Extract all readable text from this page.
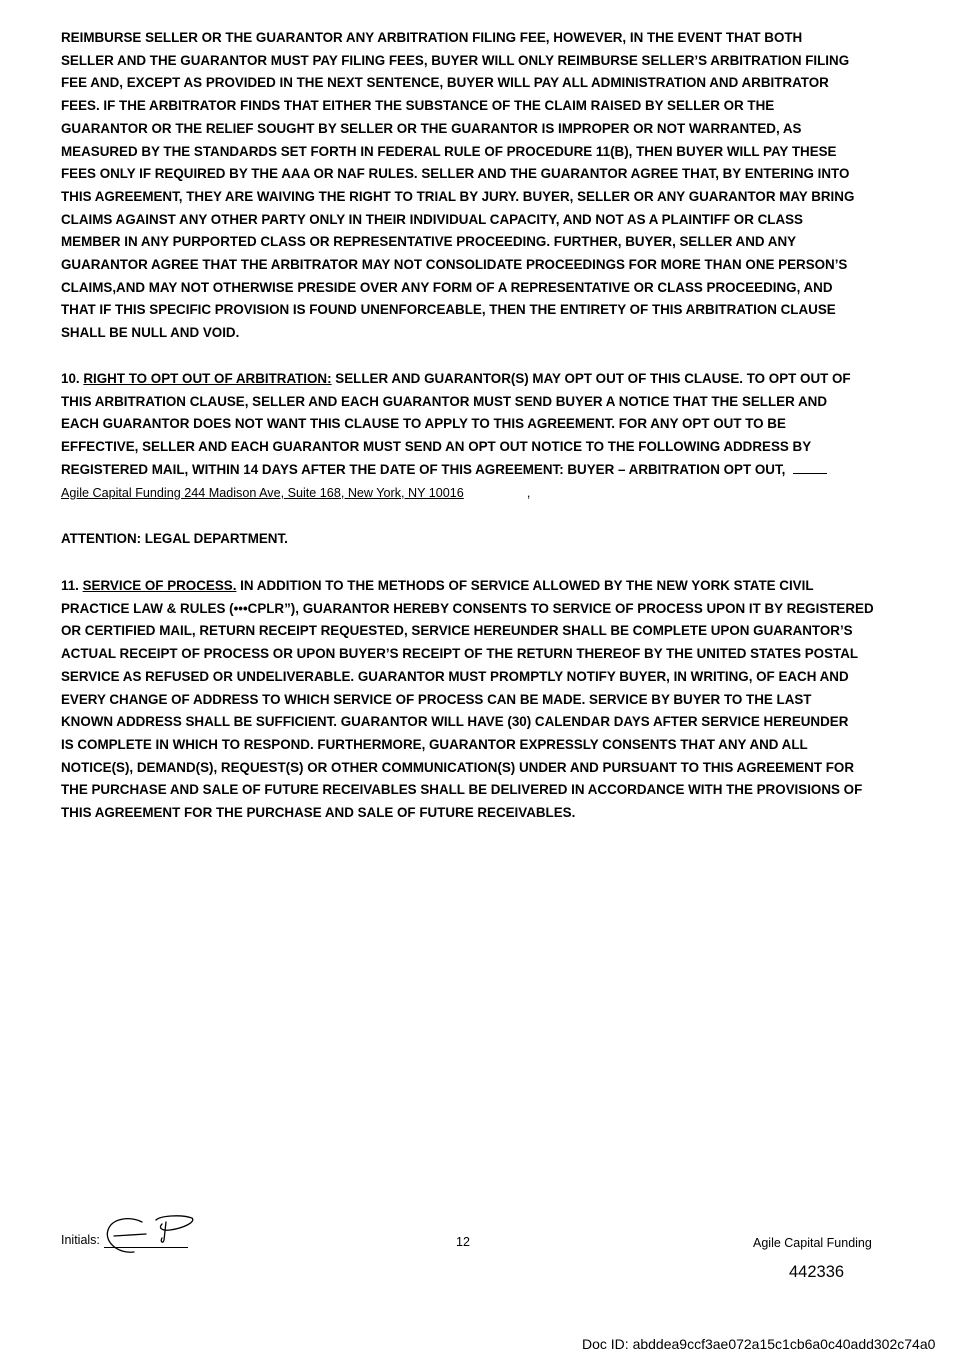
REIMBURSE SELLER OR THE GUARANTOR ANY ARBITRATION FILING FEE, HOWEVER, IN THE EVENT THAT BOTH
SELLER AND THE GUARANTOR MUST PAY FILING FEES, BUYER WILL ONLY REIMBURSE SELLER’S ARBITRATION FILING
FEE AND, EXCEPT AS PROVIDED IN THE NEXT SENTENCE, BUYER WILL PAY ALL ADMINISTRATION AND ARBITRATOR
FEES. IF THE ARBITRATOR FINDS THAT EITHER THE SUBSTANCE OF THE CLAIM RAISED BY SELLER OR THE
GUARANTOR OR THE RELIEF SOUGHT BY SELLER OR THE GUARANTOR IS IMPROPER OR NOT WARRANTED, AS
MEASURED BY THE STANDARDS SET FORTH IN FEDERAL RULE OF PROCEDURE 11(B), THEN BUYER WILL PAY THESE
FEES ONLY IF REQUIRED BY THE AAA OR NAF RULES. SELLER AND THE GUARANTOR AGREE THAT, BY ENTERING INTO
THIS AGREEMENT, THEY ARE WAIVING THE RIGHT TO TRIAL BY JURY. BUYER, SELLER OR ANY GUARANTOR MAY BRING
CLAIMS AGAINST ANY OTHER PARTY ONLY IN THEIR INDIVIDUAL CAPACITY, AND NOT AS A PLAINTIFF OR CLASS
MEMBER IN ANY PURPORTED CLASS OR REPRESENTATIVE PROCEEDING. FURTHER, BUYER, SELLER AND ANY
GUARANTOR AGREE THAT THE ARBITRATOR MAY NOT CONSOLIDATE PROCEEDINGS FOR MORE THAN ONE PERSON’S
CLAIMS,AND MAY NOT OTHERWISE PRESIDE OVER ANY FORM OF A REPRESENTATIVE OR CLASS PROCEEDING, AND
THAT IF THIS SPECIFIC PROVISION IS FOUND UNENFORCEABLE, THEN THE ENTIRETY OF THIS ARBITRATION CLAUSE
SHALL BE NULL AND VOID.
10. RIGHT TO OPT OUT OF ARBITRATION: SELLER AND GUARANTOR(S) MAY OPT OUT OF THIS CLAUSE. TO OPT OUT OF
THIS ARBITRATION CLAUSE, SELLER AND EACH GUARANTOR MUST SEND BUYER A NOTICE THAT THE SELLER AND
EACH GUARANTOR DOES NOT WANT THIS CLAUSE TO APPLY TO THIS AGREEMENT. FOR ANY OPT OUT TO BE
EFFECTIVE, SELLER AND EACH GUARANTOR MUST SEND AN OPT OUT NOTICE TO THE FOLLOWING ADDRESS BY
REGISTERED MAIL, WITHIN 14 DAYS AFTER THE DATE OF THIS AGREEMENT: BUYER – ARBITRATION OPT OUT,
Agile Capital Funding 244 Madison Ave, Suite 168, New York, NY 10016	,
ATTENTION: LEGAL DEPARTMENT.
11. SERVICE OF PROCESS. IN ADDITION TO THE METHODS OF SERVICE ALLOWED BY THE NEW YORK STATE CIVIL
PRACTICE LAW & RULES (•••CPLR”), GUARANTOR HEREBY CONSENTS TO SERVICE OF PROCESS UPON IT BY REGISTERED
OR CERTIFIED MAIL, RETURN RECEIPT REQUESTED, SERVICE HEREUNDER SHALL BE COMPLETE UPON GUARANTOR’S
ACTUAL RECEIPT OF PROCESS OR UPON BUYER’S RECEIPT OF THE RETURN THEREOF BY THE UNITED STATES POSTAL
SERVICE AS REFUSED OR UNDELIVERABLE. GUARANTOR MUST PROMPTLY NOTIFY BUYER, IN WRITING, OF EACH AND
EVERY CHANGE OF ADDRESS TO WHICH SERVICE OF PROCESS CAN BE MADE. SERVICE BY BUYER TO THE LAST
KNOWN ADDRESS SHALL BE SUFFICIENT. GUARANTOR WILL HAVE (30) CALENDAR DAYS AFTER SERVICE HEREUNDER
IS COMPLETE IN WHICH TO RESPOND. FURTHERMORE, GUARANTOR EXPRESSLY CONSENTS THAT ANY AND ALL
NOTICE(S), DEMAND(S), REQUEST(S) OR OTHER COMMUNICATION(S) UNDER AND PURSUANT TO THIS AGREEMENT FOR
THE PURCHASE AND SALE OF FUTURE RECEIVABLES SHALL BE DELIVERED IN ACCORDANCE WITH THE PROVISIONS OF
THIS AGREEMENT FOR THE PURCHASE AND SALE OF FUTURE RECEIVABLES.
Initials:	12	Agile Capital Funding
442336
Doc ID: abddea9ccf3ae072a15c1cb6a0c40add302c74a0
